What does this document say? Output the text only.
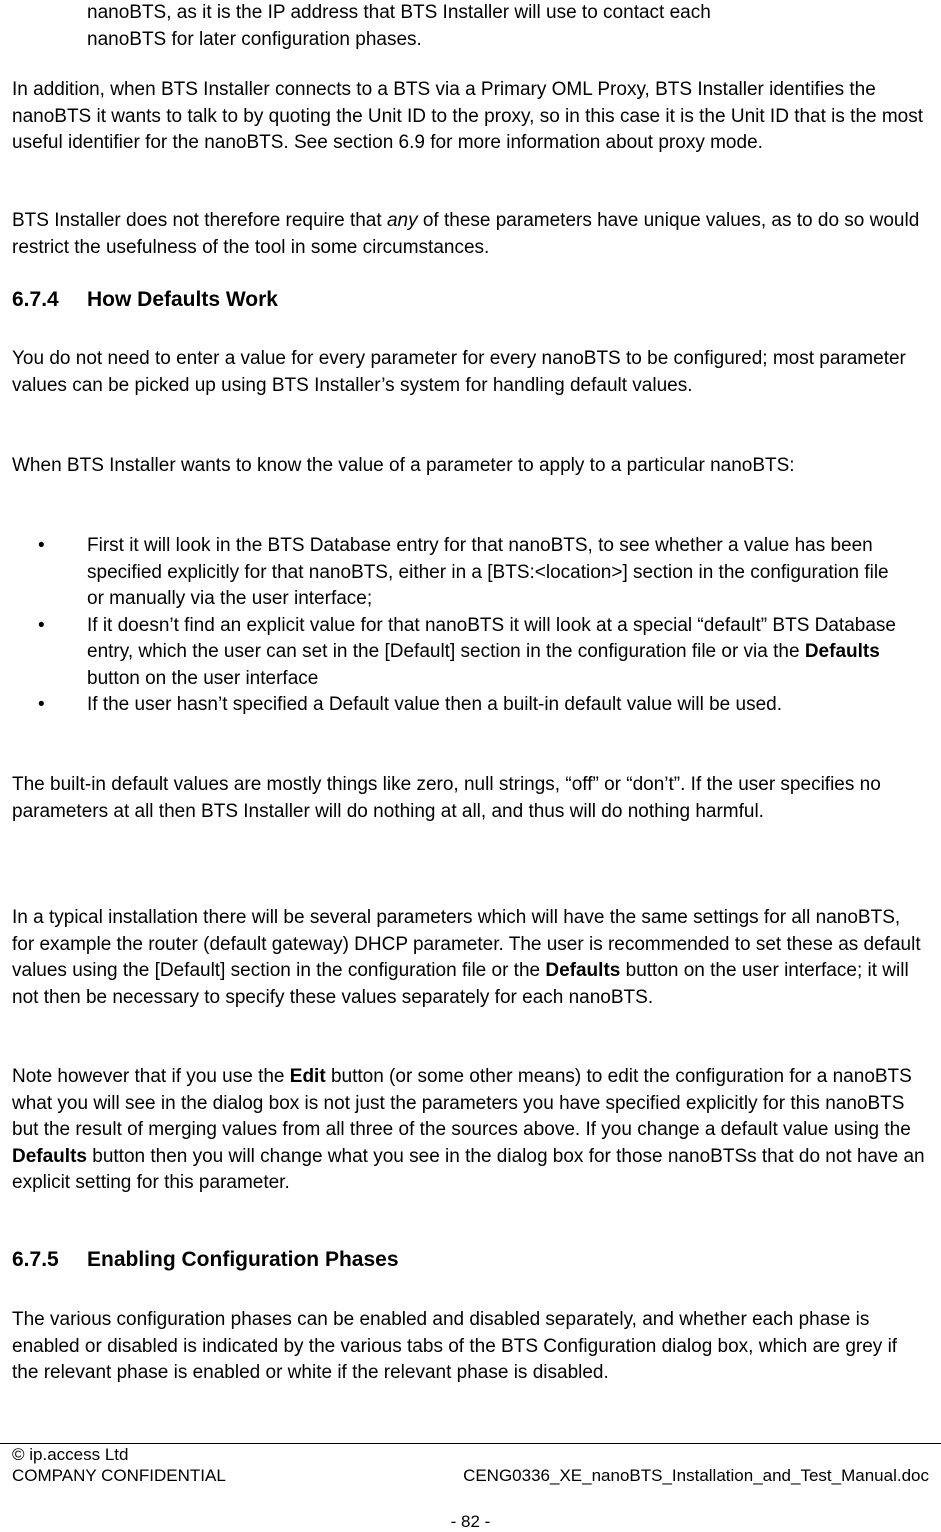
nanoBTS, as it is the IP address that BTS Installer will use to contact each

nanoBTS for later configuration phases.

In addition, when BTS Installer connects to a BTS via a Primary OML Proxy, BTS Installer identifies the nanoBTS it wants to talk to by quoting the Unit ID to the proxy, so in this case it is the Unit ID that is the most useful identifier for the nanoBTS. See section 6.9 for more information about proxy mode.

BTS Installer does not therefore require that any of these parameters have unique values, as to do so would restrict the usefulness of the tool in some circumstances.

6.7.4 How Defaults Work

You do not need to enter a value for every parameter for every nanoBTS to be configured; most parameter values can be picked up using BTS Installer’s system for handling default values.

When BTS Installer wants to know the value of a parameter to apply to a particular nanoBTS:

• First it will look in the BTS Database entry for that nanoBTS, to see whether a value has been specified explicitly for that nanoBTS, either in a [BTS:<location>] section in the configuration file or manually via the user interface;
• If it doesn’t find an explicit value for that nanoBTS it will look at a special “default” BTS Database entry, which the user can set in the [Default] section in the configuration file or via the Defaults button on the user interface
• If the user hasn’t specified a Default value then a built-in default value will be used.

The built-in default values are mostly things like zero, null strings, “off” or “don’t”. If the user specifies no parameters at all then BTS Installer will do nothing at all, and thus will do nothing harmful.

In a typical installation there will be several parameters which will have the same settings for all nanoBTS, for example the router (default gateway) DHCP parameter. The user is recommended to set these as default values using the [Default] section in the configuration file or the Defaults button on the user interface; it will not then be necessary to specify these values separately for each nanoBTS.

Note however that if you use the Edit button (or some other means) to edit the configuration for a nanoBTS what you will see in the dialog box is not just the parameters you have specified explicitly for this nanoBTS but the result of merging values from all three of the sources above. If you change a default value using the Defaults button then you will change what you see in the dialog box for those nanoBTSs that do not have an explicit setting for this parameter.

6.7.5 Enabling Configuration Phases

The various configuration phases can be enabled and disabled separately, and whether each phase is enabled or disabled is indicated by the various tabs of the BTS Configuration dialog box, which are grey if the relevant phase is enabled or white if the relevant phase is disabled.

© ip.access Ltd
COMPANY CONFIDENTIAL	CENG0336_XE_nanoBTS_Installation_and_Test_Manual.doc
- 82 -
